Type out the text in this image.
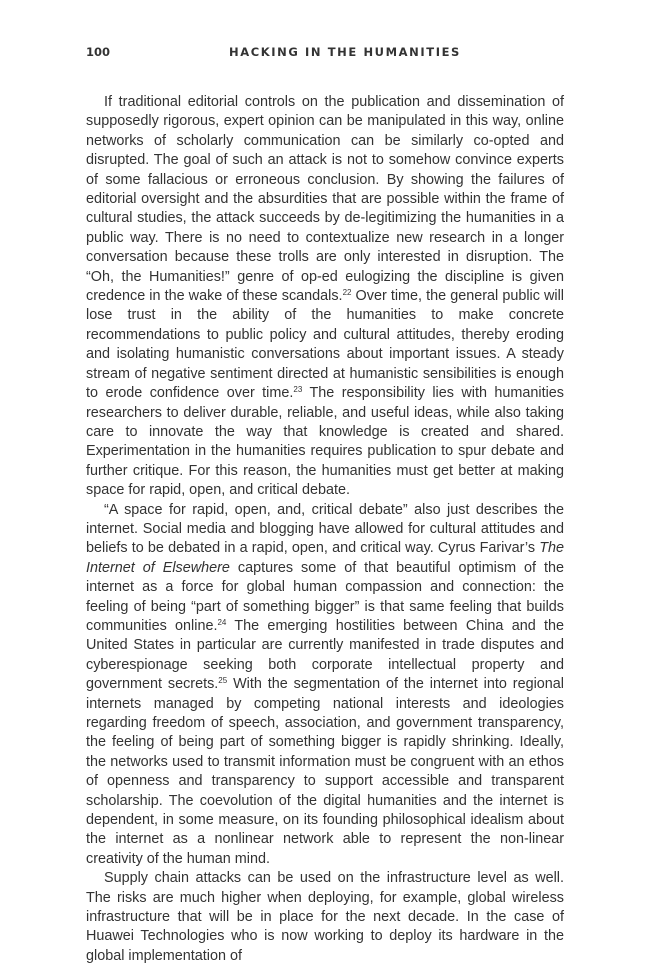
100	HACKING IN THE HUMANITIES

If traditional editorial controls on the publication and dissemination of supposedly rigorous, expert opinion can be manipulated in this way, online networks of scholarly communication can be similarly co-opted and disrupted. The goal of such an attack is not to somehow convince experts of some fallacious or erroneous conclusion. By showing the failures of editorial oversight and the absurdities that are possible within the frame of cultural studies, the attack succeeds by de-legitimizing the humanities in a public way. There is no need to contextualize new research in a longer conversation because these trolls are only interested in disruption. The “Oh, the Humanities!” genre of op-ed eulogizing the discipline is given credence in the wake of these scandals.$^{22}$ Over time, the general public will lose trust in the ability of the humanities to make concrete recommendations to public policy and cultural attitudes, thereby eroding and isolating humanistic conversations about important issues. A steady stream of negative sentiment directed at humanistic sensibilities is enough to erode confidence over time.$^{23}$ The responsibility lies with humanities researchers to deliver durable, reliable, and useful ideas, while also taking care to innovate the way that knowledge is created and shared. Experimentation in the humanities requires publication to spur debate and further critique. For this reason, the humanities must get better at making space for rapid, open, and critical debate.

“A space for rapid, open, and, critical debate” also just describes the internet. Social media and blogging have allowed for cultural attitudes and beliefs to be debated in a rapid, open, and critical way. Cyrus Farivar’s The Internet of Elsewhere captures some of that beautiful optimism of the internet as a force for global human compassion and connection: the feeling of being “part of something bigger” is that same feeling that builds communities online.$^{24}$ The emerging hostilities between China and the United States in particular are currently manifested in trade disputes and cyberespionage seeking both corporate intellectual property and government secrets.$^{25}$ With the segmentation of the internet into regional internets managed by competing national interests and ideologies regarding freedom of speech, association, and government transparency, the feeling of being part of something bigger is rapidly shrinking. Ideally, the networks used to transmit information must be congruent with an ethos of openness and transparency to support accessible and transparent scholarship. The coevolution of the digital humanities and the internet is dependent, in some measure, on its founding philosophical idealism about the internet as a nonlinear network able to represent the non-linear creativity of the human mind.

Supply chain attacks can be used on the infrastructure level as well. The risks are much higher when deploying, for example, global wireless infrastructure that will be in place for the next decade. In the case of Huawei Technologies who is now working to deploy its hardware in the global implementation of
